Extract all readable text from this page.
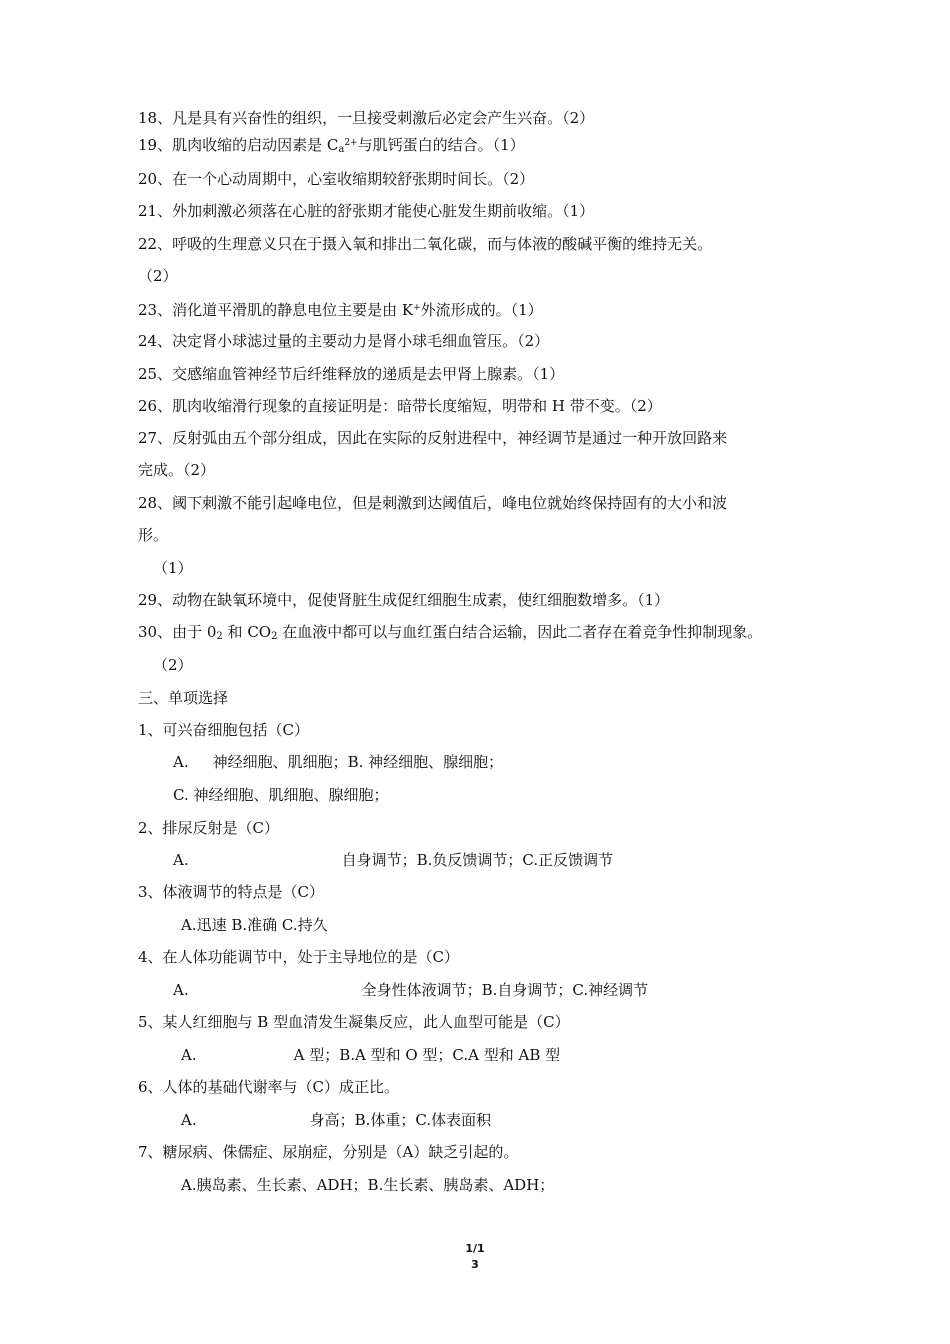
18、凡是具有兴奋性的组织，一旦接受刺激后必定会产生兴奋。（2）
19、肌肉收缩的启动因素是 $C_a^{2+}$与肌钙蛋白的结合。（1）
20、在一个心动周期中，心室收缩期较舒张期时间长。（2）
21、外加刺激必须落在心脏的舒张期才能使心脏发生期前收缩。（1）
22、呼吸的生理意义只在于摄入氧和排出二氧化碳，而与体液的酸碱平衡的维持无关。
（2）
23、消化道平滑肌的静息电位主要是由 K+外流形成的。（1）
24、决定肾小球滤过量的主要动力是肾小球毛细血管压。（2）
25、交感缩血管神经节后纤维释放的递质是去甲肾上腺素。（1）
26、肌肉收缩滑行现象的直接证明是：暗带长度缩短，明带和 H 带不变。（2）
27、反射弧由五个部分组成，因此在实际的反射进程中，神经调节是通过一种开放回路来
完成。（2）
28、阈下刺激不能引起峰电位，但是刺激到达阈值后，峰电位就始终保持固有的大小和波
形。
（1）
29、动物在缺氧环境中，促使肾脏生成促红细胞生成素，使红细胞数增多。（1）
30、由于 $0_2$ 和 $CO_2$ 在血液中都可以与血红蛋白结合运输，因此二者存在着竞争性抑制现象。
（2）
三、单项选择
1、可兴奋细胞包括（C）
A. 神经细胞、肌细胞；B. 神经细胞、腺细胞；
C. 神经细胞、肌细胞、腺细胞；
2、排尿反射是（C）
A.	自身调节；B.负反馈调节；C.正反馈调节
3、体液调节的特点是（C）
A.迅速 B.准确 C.持久
4、在人体功能调节中，处于主导地位的是（C）
A.	全身性体液调节；B.自身调节；C.神经调节
5、某人红细胞与 B 型血清发生凝集反应，此人血型可能是（C）
A.	A 型；B.A 型和 O 型；C.A 型和 AB 型
6、人体的基础代谢率与（C）成正比。
A.	身高；B.体重；C.体表面积
7、糖尿病、侏儒症、尿崩症，分别是（A）缺乏引起的。
A.胰岛素、生长素、ADH；B.生长素、胰岛素、ADH；
1/1
3
